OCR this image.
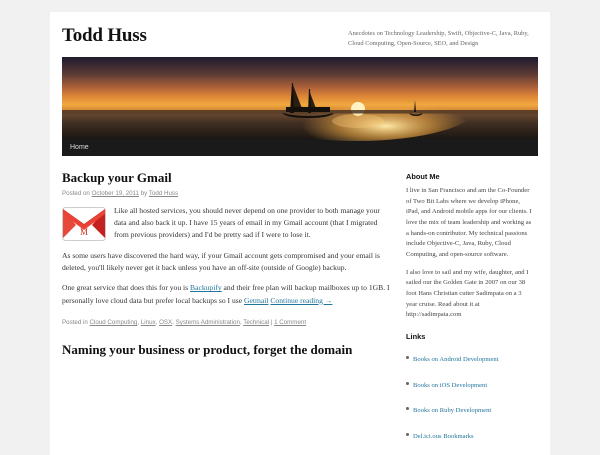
Todd Huss	Anecdotes on Technology Leadership, Swift, Objective-C, Java, Ruby, Cloud Computing, Open-Source, SEO, and Design
Home
Backup your Gmail
Posted on October 19, 2011 by Todd Huss
M

Like all hosted services, you should never depend on one provider to both manage your data and also back it up. I have 15 years of email in my Gmail account (that I migrated from previous providers) and I'd be pretty sad if I were to lose it.

As some users have discovered the hard way, if your Gmail account gets compromised and your email is deleted, you'll likely never get it back unless you have an off-site (outside of Google) backup.

One great service that does this for you is Backupify and their free plan will backup mailboxes up to 1GB. I personally love cloud data but prefer local backups so I use Getmail Continue reading →

Posted in Cloud Computing, Linux, OSX, Systems Administration, Technical | 1 Comment
Naming your business or product, forget the domain
About Me

I live in San Francisco and am the Co-Founder of Two Bit Labs where we develop iPhone, iPad, and Android mobile apps for our clients. I love the mix of team leadership and working as a hands-on contributor. My technical passions include Objective-C, Java, Ruby, Cloud Computing, and open-source software.

I also love to sail and my wife, daughter, and I sailed our the Golden Gate in 2007 on our 38 foot Hans Christian cutter Sadimpata on a 3 year cruise. Read about it at http://sadimpata.com

Links
Books on Android Development
Books on iOS Development
Books on Ruby Development
Del.ici.ous Bookmarks
